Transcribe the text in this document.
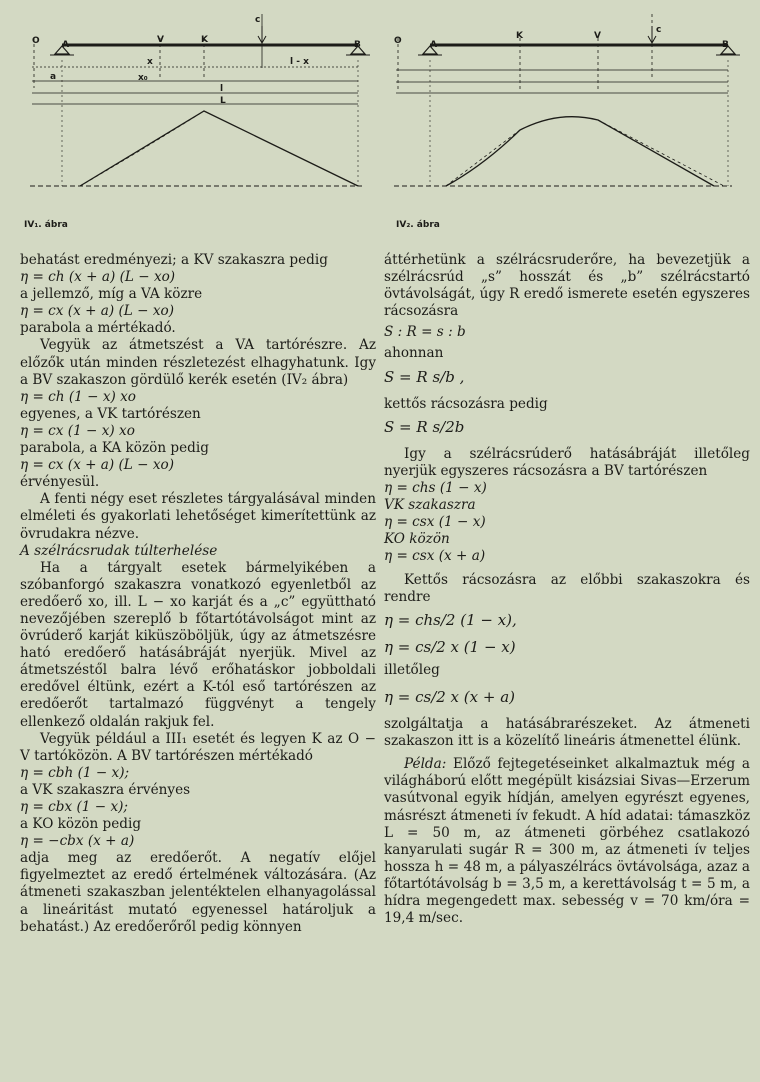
O A	V	K
c
B
x	l - x
a	x₀
l
L
IV₁. ábra
O	A
K	V
c
B
IV₂. ábra

behatást eredményezi; a KV szakaszra pedig

η = ch (x + a) (L − xo)

a jellemző, míg a VA közre

η = cx (x + a) (L − xo)

parabola a mértékadó.

Vegyük az átmetszést a VA tartórészre. Az előzők után minden részletezést elhagyhatunk. Igy a BV szakaszon gördülő kerék esetén (IV₂ ábra)

η = ch (1 − x) xo

egyenes, a VK tartórészen

η = cx (1 − x) xo

parabola, a KA közön pedig

η = cx (x + a) (L − xo)

érvényesül.

A fenti négy eset részletes tárgyalásával minden elméleti és gyakorlati lehetőséget kimerítettünk az övrudakra nézve.

A szélrácsrudak túlterhelése

Ha a tárgyalt esetek bármelyikében a szóbanforgó szakaszra vonatkozó egyenletből az eredőerő xo, ill. L − xo karját és a „c” együttható nevezőjében szereplő b főtartótávolságot mint az övrúderő karját kiküszöböljük, úgy az átmetszésre ható eredőerő hatásábráját nyerjük. Mivel az átmetszéstől balra lévő erőhatáskor jobboldali eredővel éltünk, ezért a K-tól eső tartórészen az eredőerőt tartalmazó függvényt a tengely ellenkező oldalán rakjuk fel.

Vegyük például a III₁ esetét és legyen K az O − V tartóközön. A BV tartórészen mértékadó

η = cbh (1 − x);

a VK szakaszra érvényes

η = cbx (1 − x);

a KO közön pedig

η = −cbx (x + a)

adja meg az eredőerőt. A negatív előjel figyelmeztet az eredő értelmének változására. (Az átmeneti szakaszban jelentéktelen elhanyagolással a lineáritást mutató egyenessel határoljuk a behatást.) Az eredőerőről pedig könnyen

áttérhetünk a szélrácsruderőre, ha bevezetjük a szélrácsrúd „s” hosszát és „b” szélrácstartó övtávolságát, úgy R eredő ismerete esetén egyszeres rácsozásra

S : R = s : b

ahonnan

S = R s/b ,

kettős rácsozásra pedig

S = R s/2b

Igy a szélrácsrúderő hatásábráját illetőleg nyerjük egyszeres rácsozásra a BV tartórészen

η = chs (1 − x)

VK szakaszra

η = csx (1 − x)

KO közön

η = csx (x + a)

Kettős rácsozásra az előbbi szakaszokra és rendre

η = chs/2 (1 − x),

η = cs/2 x (1 − x)

illetőleg

η = cs/2 x (x + a)

szolgáltatja a hatásábrarészeket. Az átmeneti szakaszon itt is a közelítő lineáris átmenettel élünk.

Példa: Előző fejtegetéseinket alkalmaztuk még a világháború előtt megépült kisázsiai Sivas—Erzerum vasútvonal egyik hídján, amelyen egyrészt egyenes, másrészt átmeneti ív fekudt. A híd adatai: támaszköz L = 50 m, az átmeneti görbéhez csatlakozó kanyarulati sugár R = 300 m, az átmeneti ív teljes hossza h = 48 m, a pályaszélrács övtávolsága, azaz a főtartótávolság b = 3,5 m, a kerettávolság t = 5 m, a hídra megengedett max. sebesség v = 70 km/óra = 19,4 m/sec.
